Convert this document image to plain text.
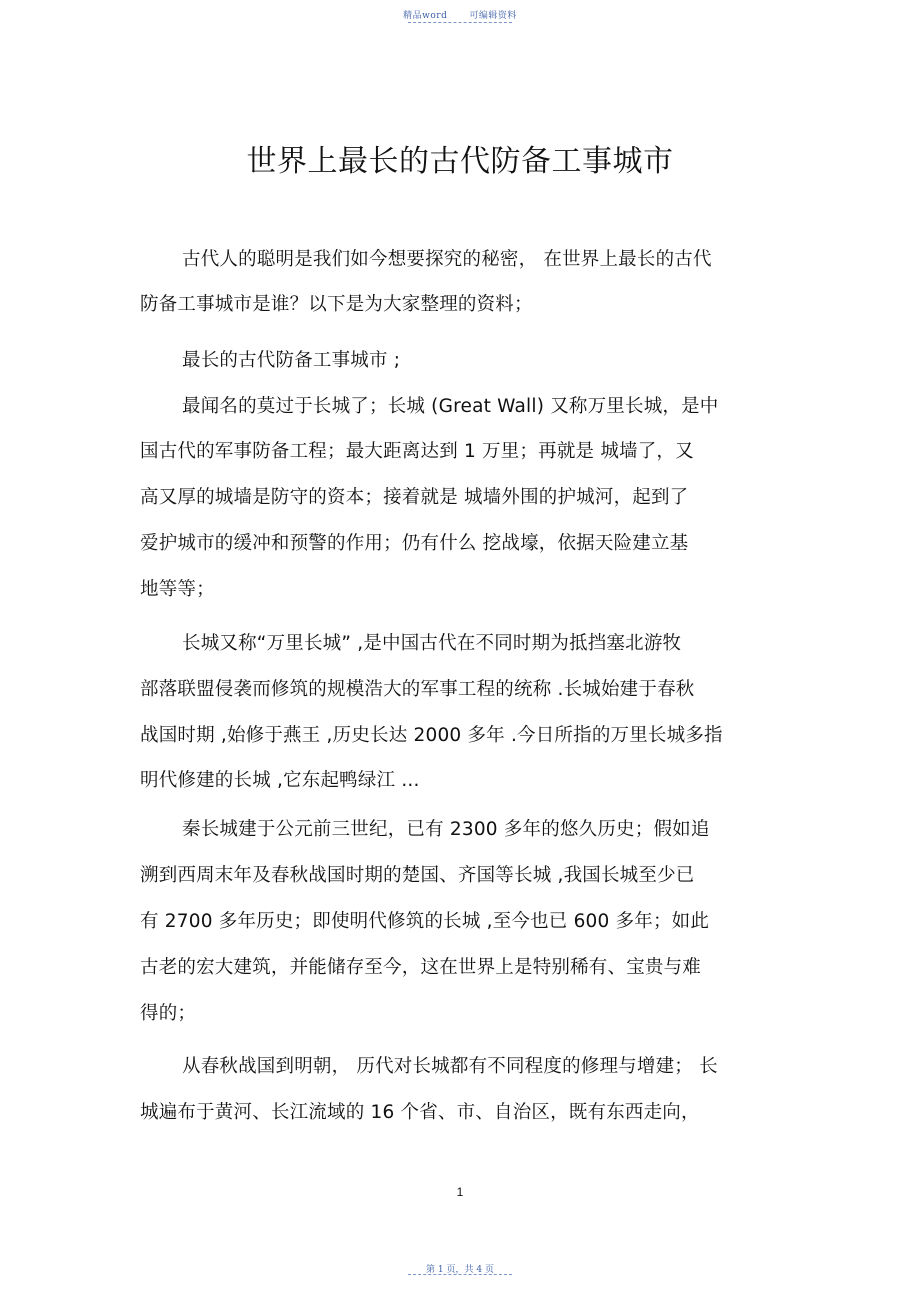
精品word 可编辑资料
世界上最长的古代防备工事城市
古代人的聪明是我们如今想要探究的秘密， 在世界上最长的古代
防备工事城市是谁？以下是为大家整理的资料；
最长的古代防备工事城市 ;
最闻名的莫过于长城了；长城 (Great Wall) 又称万里长城，是中
国古代的军事防备工程；最大距离达到 1 万里；再就是 城墙了，又
高又厚的城墙是防守的资本；接着就是 城墙外围的护城河，起到了
爱护城市的缓冲和预警的作用；仍有什么 挖战壕，依据天险建立基
地等等；
长城又称“万里长城” ,是中国古代在不同时期为抵挡塞北游牧
部落联盟侵袭而修筑的规模浩大的军事工程的统称 .长城始建于春秋
战国时期 ,始修于燕王 ,历史长达 2000 多年 .今日所指的万里长城多指
明代修建的长城 ,它东起鸭绿江 ...
秦长城建于公元前三世纪，已有 2300 多年的悠久历史；假如追
溯到西周末年及春秋战国时期的楚国、齐国等长城 ,我国长城至少已
有 2700 多年历史；即使明代修筑的长城 ,至今也已 600 多年；如此
古老的宏大建筑，并能储存至今，这在世界上是特别稀有、宝贵与难
得的；
从春秋战国到明朝， 历代对长城都有不同程度的修理与增建； 长
城遍布于黄河、长江流域的 16 个省、市、自治区，既有东西走向，
1
第 1 页，共 4 页
